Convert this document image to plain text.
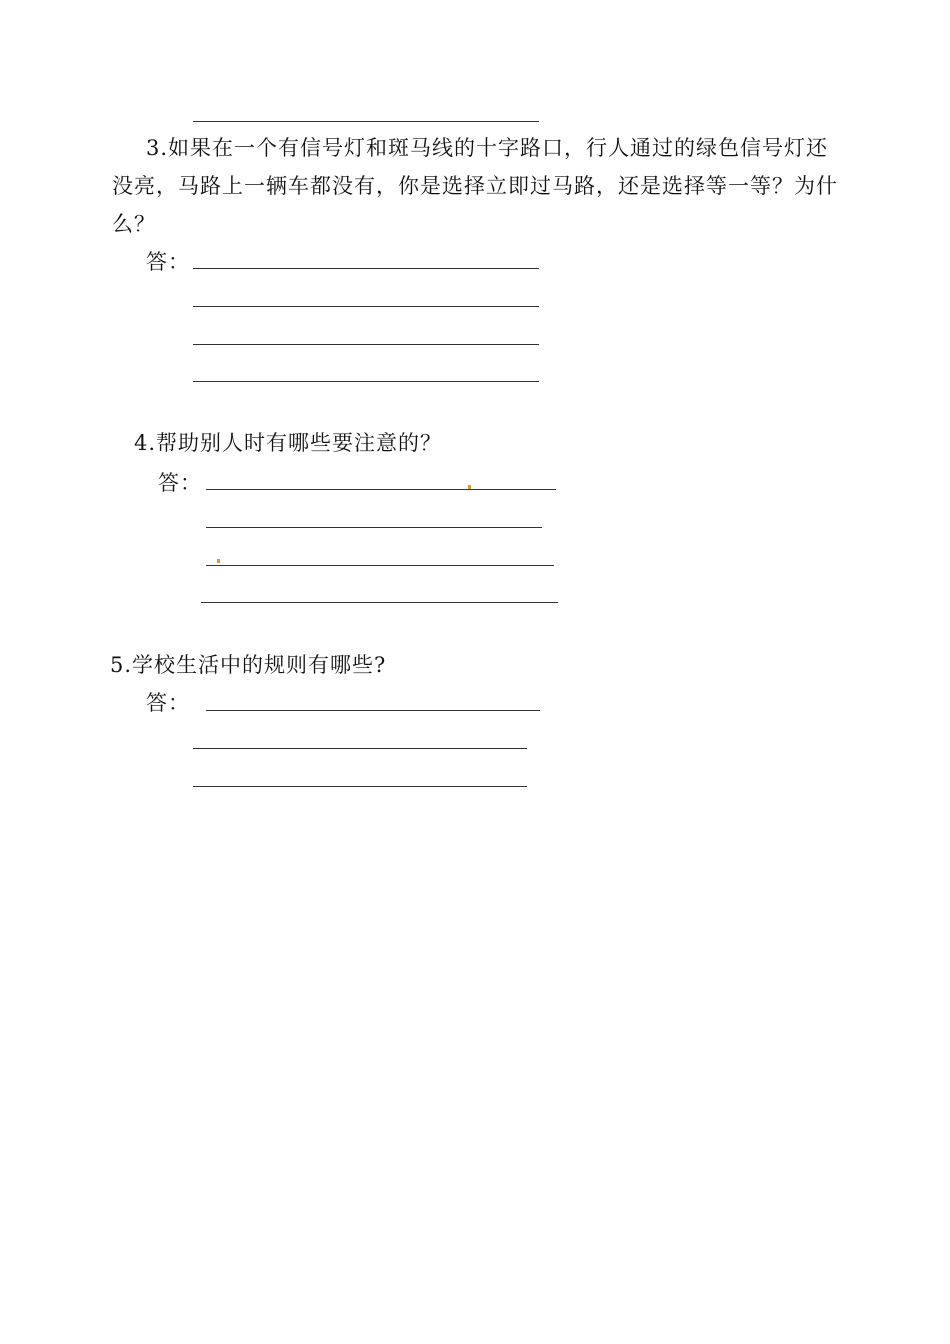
3.如果在一个有信号灯和斑马线的十字路口，行人通过的绿色信号灯还没亮，马路上一辆车都没有，你是选择立即过马路，还是选择等一等？为什么？
答：
4.帮助别人时有哪些要注意的？
答：
5.学校生活中的规则有哪些?
答：
